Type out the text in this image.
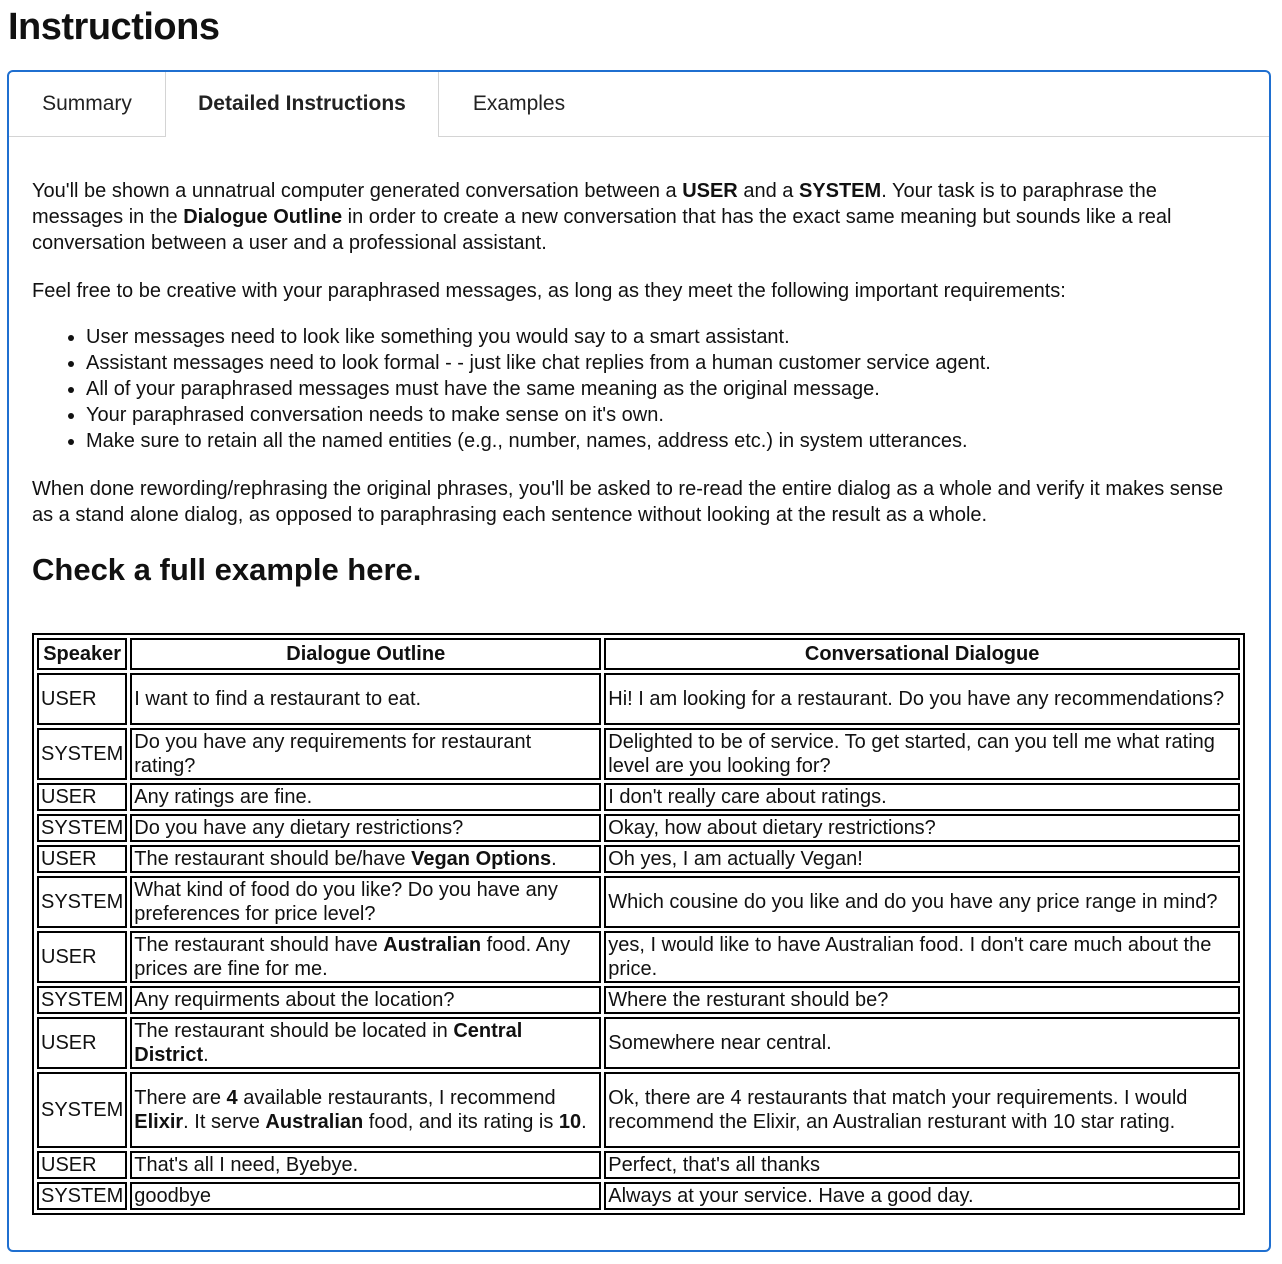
Instructions
Summary	Detailed Instructions	Examples

You'll be shown a unnatrual computer generated conversation between a USER and a SYSTEM. Your task is to paraphrase the messages in the Dialogue Outline in order to create a new conversation that has the exact same meaning but sounds like a real conversation between a user and a professional assistant.

Feel free to be creative with your paraphrased messages, as long as they meet the following important requirements:

• User messages need to look like something you would say to a smart assistant.
• Assistant messages need to look formal - - just like chat replies from a human customer service agent.
• All of your paraphrased messages must have the same meaning as the original message.
• Your paraphrased conversation needs to make sense on it's own.
• Make sure to retain all the named entities (e.g., number, names, address etc.) in system utterances.

When done rewording/rephrasing the original phrases, you'll be asked to re-read the entire dialog as a whole and verify it makes sense as a stand alone dialog, as opposed to paraphrasing each sentence without looking at the result as a whole.

Check a full example here.
Speaker	Dialogue Outline	Conversational Dialogue
USER	I want to find a restaurant to eat.	Hi! I am looking for a restaurant. Do you have any recommendations?
SYSTEM	Do you have any requirements for restaurant rating?	Delighted to be of service. To get started, can you tell me what rating level are you looking for?
USER	Any ratings are fine.	I don't really care about ratings.
SYSTEM	Do you have any dietary restrictions?	Okay, how about dietary restrictions?
USER	The restaurant should be/have Vegan Options.	Oh yes, I am actually Vegan!
SYSTEM	What kind of food do you like? Do you have any preferences for price level?	Which cousine do you like and do you have any price range in mind?
USER	The restaurant should have Australian food. Any prices are fine for me.	yes, I would like to have Australian food. I don't care much about the price.
SYSTEM	Any requirments about the location?	Where the resturant should be?
USER	The restaurant should be located in Central District.	Somewhere near central.
SYSTEM	There are 4 available restaurants, I recommend Elixir. It serve Australian food, and its rating is 10.	Ok, there are 4 restaurants that match your requirements. I would recommend the Elixir, an Australian resturant with 10 star rating.
USER	That's all I need, Byebye.	Perfect, that's all thanks
SYSTEM	goodbye	Always at your service. Have a good day.
